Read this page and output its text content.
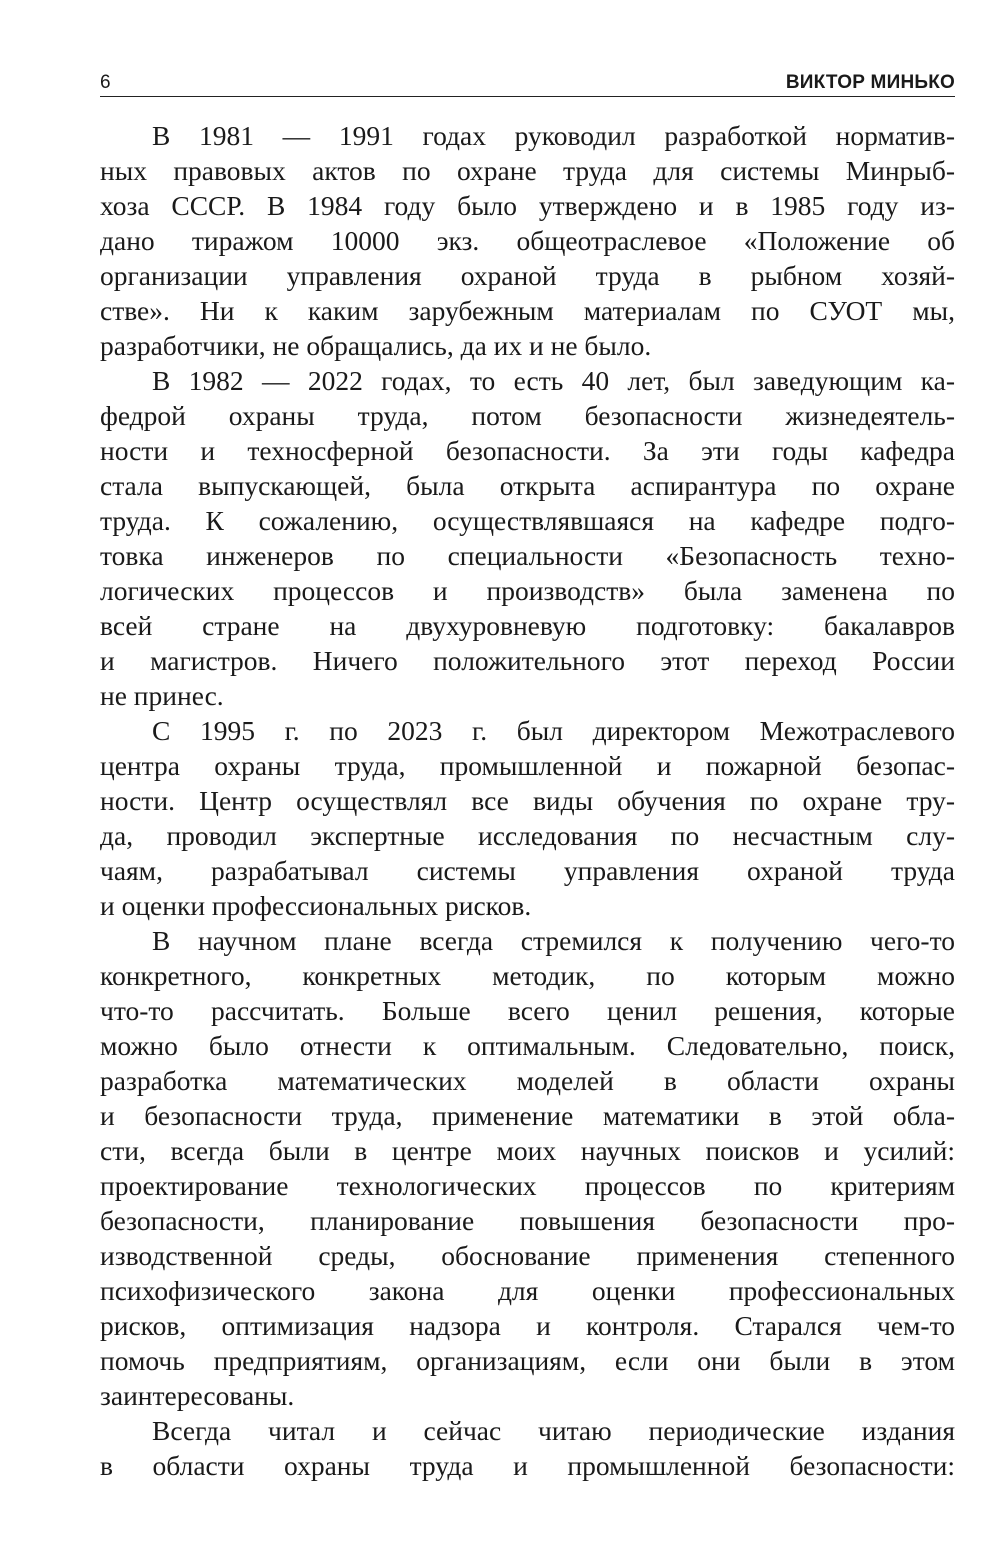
6	ВИКТОР МИНЬКО
В 1981 — 1991 годах руководил разработкой норматив-
ных правовых актов по охране труда для системы Минрыб-
хоза СССР. В 1984 году было утверждено и в 1985 году из-
дано тиражом 10000 экз. общеотраслевое «Положение об
организации управления охраной труда в рыбном хозяй-
стве». Ни к каким зарубежным материалам по СУОТ мы,
разработчики, не обращались, да их и не было.
В 1982 — 2022 годах, то есть 40 лет, был заведующим ка-
федрой охраны труда, потом безопасности жизнедеятель-
ности и техносферной безопасности. За эти годы кафедра
стала выпускающей, была открыта аспирантура по охране
труда. К сожалению, осуществлявшаяся на кафедре подго-
товка инженеров по специальности «Безопасность техно-
логических процессов и производств» была заменена по
всей стране на двухуровневую подготовку: бакалавров
и магистров. Ничего положительного этот переход России
не принес.
С 1995 г. по 2023 г. был директором Межотраслевого
центра охраны труда, промышленной и пожарной безопас-
ности. Центр осуществлял все виды обучения по охране тру-
да, проводил экспертные исследования по несчастным слу-
чаям, разрабатывал системы управления охраной труда
и оценки профессиональных рисков.
В научном плане всегда стремился к получению чего-то
конкретного, конкретных методик, по которым можно
что-то рассчитать. Больше всего ценил решения, которые
можно было отнести к оптимальным. Следовательно, поиск,
разработка математических моделей в области охраны
и безопасности труда, применение математики в этой обла-
сти, всегда были в центре моих научных поисков и усилий:
проектирование технологических процессов по критериям
безопасности, планирование повышения безопасности про-
изводственной среды, обоснование применения степенного
психофизического закона для оценки профессиональных
рисков, оптимизация надзора и контроля. Старался чем-то
помочь предприятиям, организациям, если они были в этом
заинтересованы.
Всегда читал и сейчас читаю периодические издания
в области охраны труда и промышленной безопасности:
